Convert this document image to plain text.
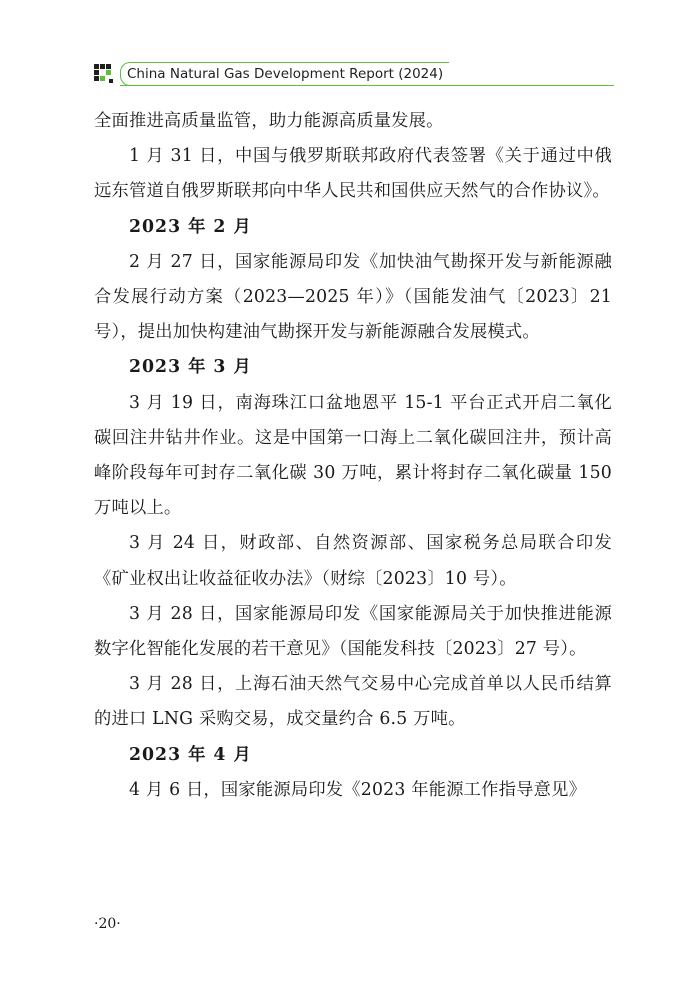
China Natural Gas Development Report (2024)

全面推进高质量监管，助力能源高质量发展。

1 月 31 日，中国与俄罗斯联邦政府代表签署《关于通过中俄远东管道自俄罗斯联邦向中华人民共和国供应天然气的合作协议》。

2023 年 2 月

2 月 27 日，国家能源局印发《加快油气勘探开发与新能源融合发展行动方案（2023—2025 年）》（国能发油气〔2023〕21 号），提出加快构建油气勘探开发与新能源融合发展模式。

2023 年 3 月

3 月 19 日，南海珠江口盆地恩平 15-1 平台正式开启二氧化碳回注井钻井作业。这是中国第一口海上二氧化碳回注井，预计高峰阶段每年可封存二氧化碳 30 万吨，累计将封存二氧化碳量 150 万吨以上。

3 月 24 日，财政部、自然资源部、国家税务总局联合印发《矿业权出让收益征收办法》（财综〔2023〕10 号）。

3 月 28 日，国家能源局印发《国家能源局关于加快推进能源数字化智能化发展的若干意见》（国能发科技〔2023〕27 号）。

3 月 28 日，上海石油天然气交易中心完成首单以人民币结算的进口 LNG 采购交易，成交量约合 6.5 万吨。

2023 年 4 月

4 月 6 日，国家能源局印发《2023 年能源工作指导意见》

·20·
